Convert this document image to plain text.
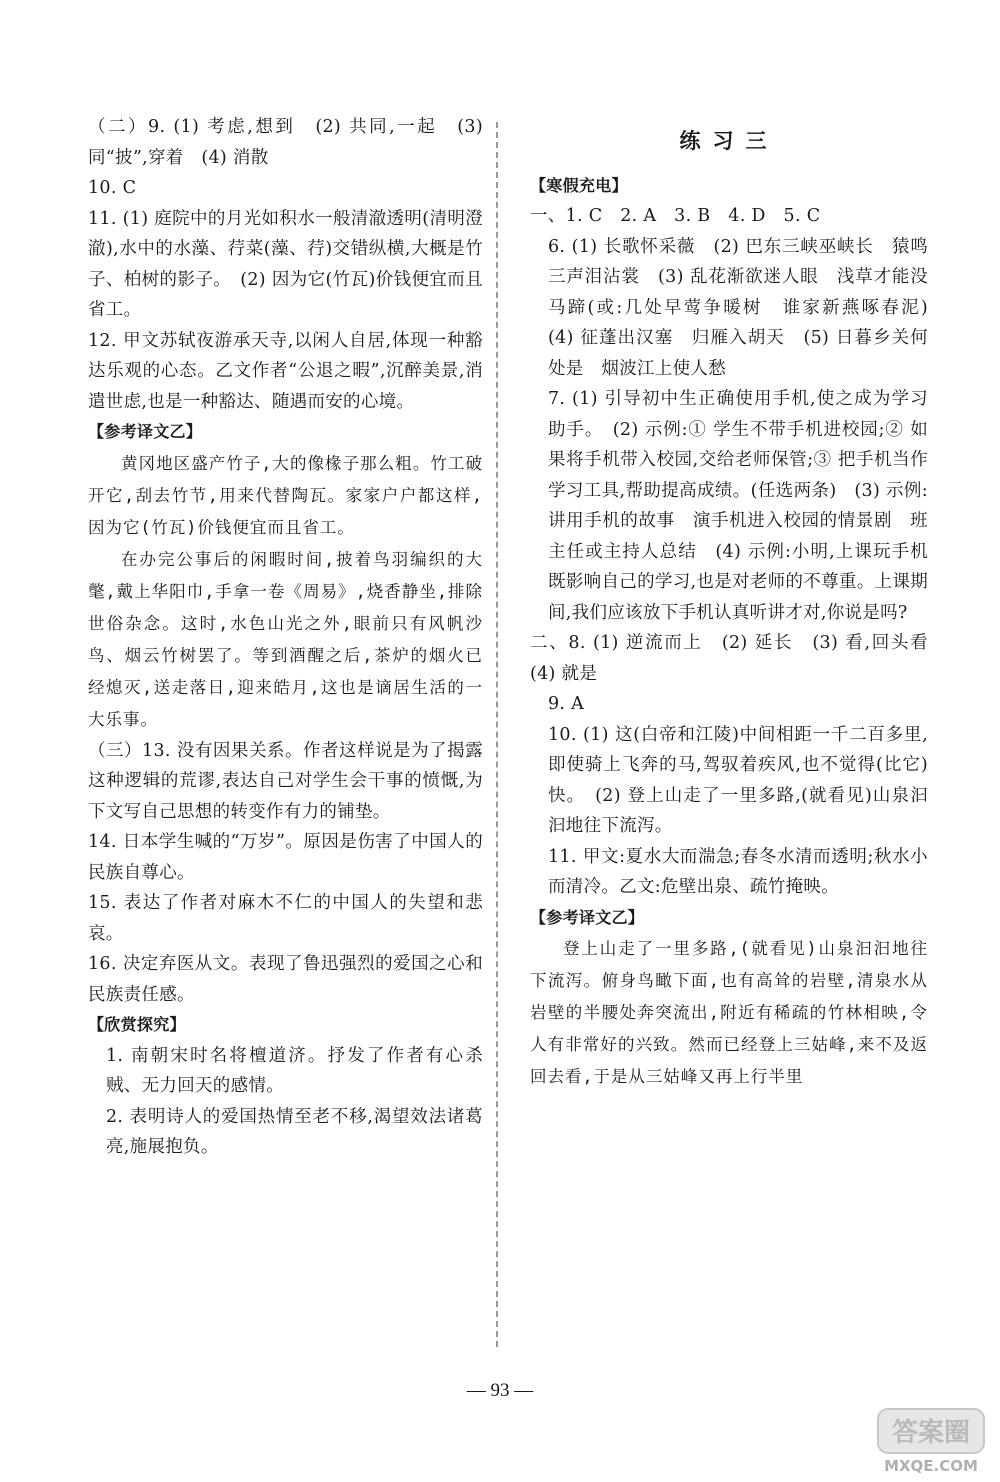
（二）9. (1) 考虑,想到　(2) 共同,一起　(3) 同“披”,穿着　(4) 消散

10. C

11. (1) 庭院中的月光如积水一般清澈透明(清明澄澈),水中的水藻、荇菜(藻、荇)交错纵横,大概是竹子、柏树的影子。　(2) 因为它(竹瓦)价钱便宜而且省工。

12. 甲文苏轼夜游承天寺,以闲人自居,体现一种豁达乐观的心态。乙文作者“公退之暇”,沉醉美景,消遣世虑,也是一种豁达、随遇而安的心境。

【参考译文乙】

黄冈地区盛产竹子,大的像椽子那么粗。竹工破开它,刮去竹节,用来代替陶瓦。家家户户都这样,因为它(竹瓦)价钱便宜而且省工。

在办完公事后的闲暇时间,披着鸟羽编织的大氅,戴上华阳巾,手拿一卷《周易》,烧香静坐,排除世俗杂念。这时,水色山光之外,眼前只有风帆沙鸟、烟云竹树罢了。等到酒醒之后,茶炉的烟火已经熄灭,送走落日,迎来皓月,这也是谪居生活的一大乐事。

（三）13. 没有因果关系。作者这样说是为了揭露这种逻辑的荒谬,表达自己对学生会干事的愤慨,为下文写自己思想的转变作有力的铺垫。

14. 日本学生喊的“万岁”。原因是伤害了中国人的民族自尊心。

15. 表达了作者对麻木不仁的中国人的失望和悲哀。

16. 决定弃医从文。表现了鲁迅强烈的爱国之心和民族责任感。

【欣赏探究】

1. 南朝宋时名将檀道济。抒发了作者有心杀贼、无力回天的感情。

2. 表明诗人的爱国热情至老不移,渴望效法诸葛亮,施展抱负。

练习三

【寒假充电】

一、1. C　2. A　3. B　4. D　5. C

6. (1) 长歌怀采薇　(2) 巴东三峡巫峡长　猿鸣三声泪沾裳　(3) 乱花渐欲迷人眼　浅草才能没马蹄(或:几处早莺争暖树　谁家新燕啄春泥)　(4) 征蓬出汉塞　归雁入胡天　(5) 日暮乡关何处是　烟波江上使人愁

7. (1) 引导初中生正确使用手机,使之成为学习助手。　(2) 示例:① 学生不带手机进校园;② 如果将手机带入校园,交给老师保管;③ 把手机当作学习工具,帮助提高成绩。(任选两条)　(3) 示例:讲用手机的故事　演手机进入校园的情景剧　班主任或主持人总结　(4) 示例:小明,上课玩手机既影响自己的学习,也是对老师的不尊重。上课期间,我们应该放下手机认真听讲才对,你说是吗?

二、8. (1) 逆流而上　(2) 延长　(3) 看,回头看　(4) 就是

9. A

10. (1) 这(白帝和江陵)中间相距一千二百多里,即使骑上飞奔的马,驾驭着疾风,也不觉得(比它)快。　(2) 登上山走了一里多路,(就看见)山泉汩汩地往下流泻。

11. 甲文:夏水大而湍急;春冬水清而透明;秋水小而清冷。乙文:危壁出泉、疏竹掩映。

【参考译文乙】

登上山走了一里多路,(就看见)山泉汩汩地往下流泻。俯身鸟瞰下面,也有高耸的岩壁,清泉水从岩壁的半腰处奔突流出,附近有稀疏的竹林相映,令人有非常好的兴致。然而已经登上三姑峰,来不及返回去看,于是从三姑峰又再上行半里

— 93 —
答案圈
MXQE.COM
